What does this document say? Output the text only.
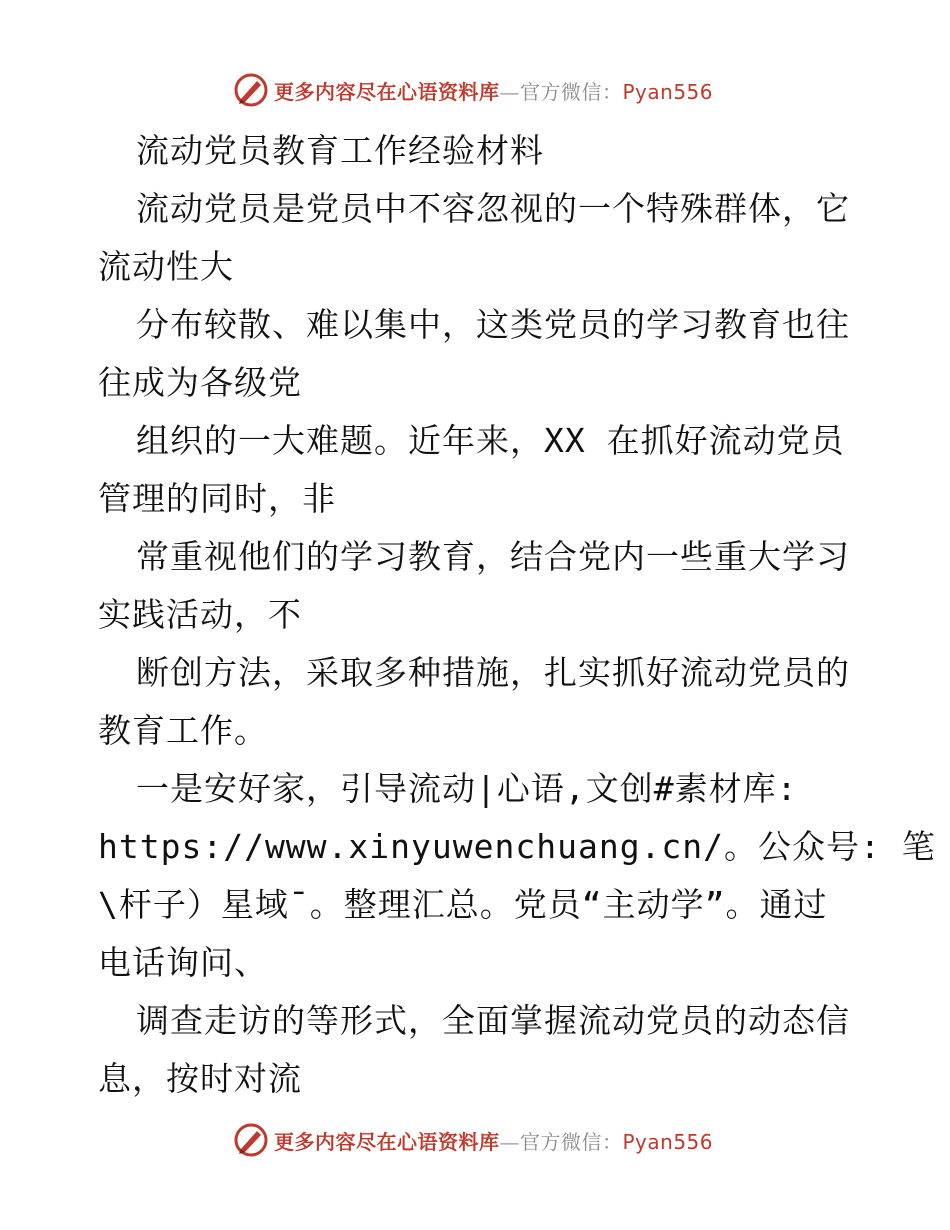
更多内容尽在心语资料库—官方微信：Pyan556
流动党员教育工作经验材料
流动党员是党员中不容忽视的一个特殊群体，它
流动性大
分布较散、难以集中，这类党员的学习教育也往
往成为各级党
组织的一大难题。近年来，XX 在抓好流动党员
管理的同时，非
常重视他们的学习教育，结合党内一些重大学习
实践活动，不
断创方法，采取多种措施，扎实抓好流动党员的
教育工作。
一是安好家，引导流动|心语,文创#素材库:
https://www.xinyuwenchuang.cn/。公众号: 笔
\杆子）星域¯。整理汇总。党员“主动学”。通过
电话询问、
调查走访的等形式，全面掌握流动党员的动态信
息，按时对流
更多内容尽在心语资料库—官方微信：Pyan556
